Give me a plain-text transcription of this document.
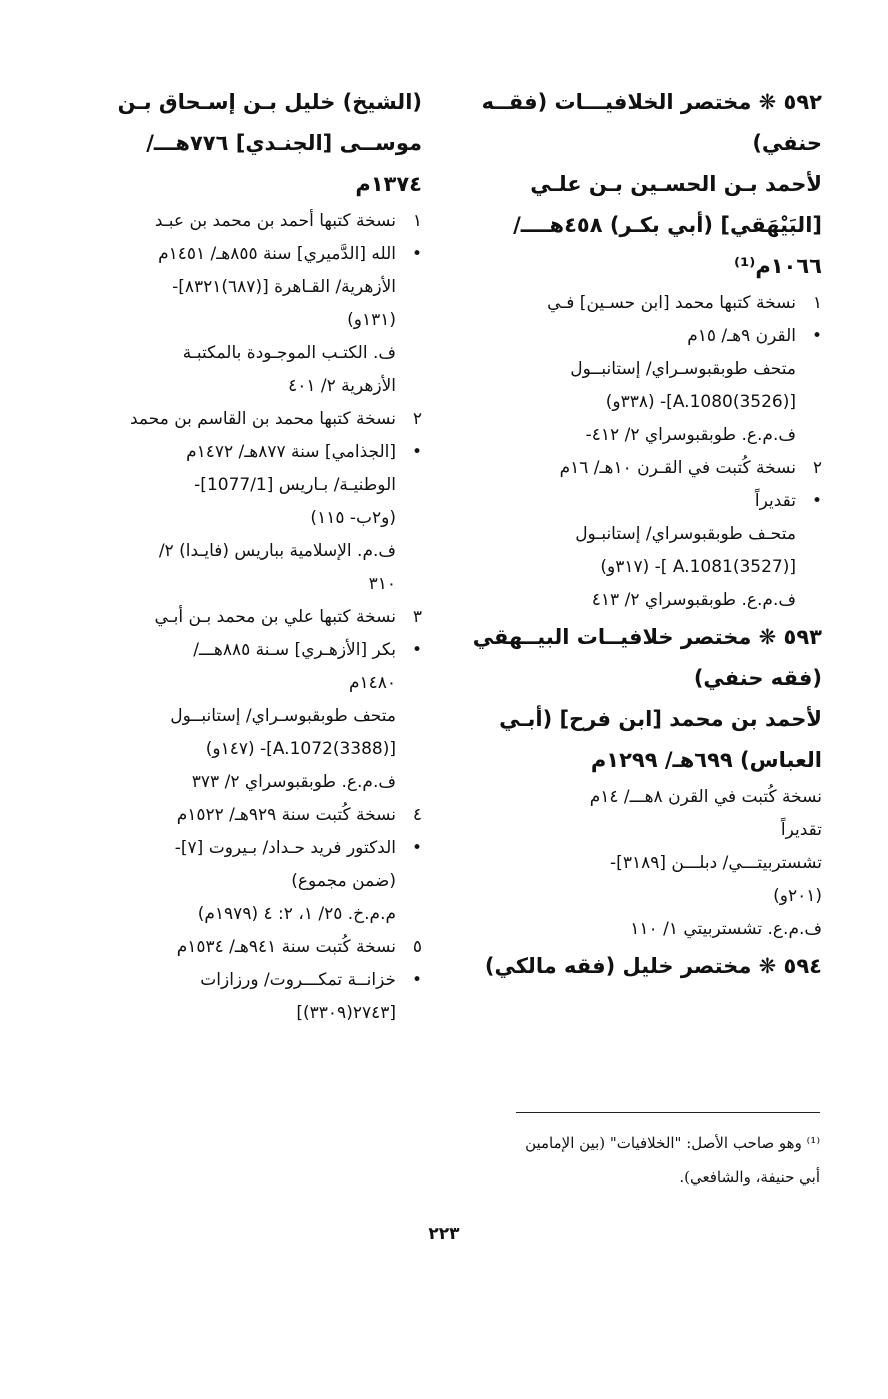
٥٩٢ ❋ مختصر الخلافيـــات (فقــه
حنفي)
لأحمد بـن الحسـين بـن علـي
[البَيْهَقي] (أبي بكـر) ٤٥٨هــــ/
١٠٦٦م⁽¹⁾
١ •
نسخة كتبها محمد [ابن حسـين] فـي
القرن ٩هـ/ ١٥م
متحف طوبقبوسـراي/ إستانبــول
[(3526)A.1080]- (٣٣٨و)
ف.م.ع. طوبقبوسراي ٢/ ٤١٢-
٢ •
نسخة كُتبت في القـرن ١٠هـ/ ١٦م
تقديراً
متحـف طوبقبوسراي/ إستانبـول
[(3527)A.1081 ]- (٣١٧و)
ف.م.ع. طوبقبوسراي ٢/ ٤١٣
٥٩٣ ❋ مختصر خلافيــات البيــهقي
(فقه حنفي)
لأحمد بن محمد [ابن فرح] (أبـي
العباس) ٦٩٩هـ/ ١٢٩٩م
نسخة كُتبت في القرن ٨هـــ/ ١٤م
تقديراً
تشستربيتـــي/ دبلـــن [٣١٨٩]-
(٢٠١و)
ف.م.ع. تشستربيتي ١/ ١١٠
٥٩٤ ❋ مختصر خليل (فقه مالكي)
(الشيخ) خليل بـن إسـحاق بـن
موســى [الجنـدي] ٧٧٦هـــ/
١٣٧٤م
١ •
نسخة كتبها أحمد بن محمد بن عبـد
الله [الدَّميري] سنة ٨٥٥هـ/ ١٤٥١م
الأزهرية/ القـاهرة [(٦٨٧)٨٣٢١]-
(١٣١و)
ف. الكتـب الموجـودة بالمكتبـة
الأزهرية ٢/ ٤٠١
٢ •
نسخة كتبها محمد بن القاسم بن محمد
[الجذامي] سنة ٨٧٧هـ/ ١٤٧٢م
الوطنيـة/ بـاريس [1077/1]-
(و٢ب- ١١٥)
ف.م. الإسلامية بباريس (فايـدا) ٢/
٣١٠
٣ •
نسخة كتبها علي بن محمد بـن أبـي
بكر [الأزهـري] سـنة ٨٨٥هـــ/
١٤٨٠م
متحف طوبقبوسـراي/ إستانبــول
[(3388)A.1072]- (١٤٧و)
ف.م.ع. طوبقبوسراي ٢/ ٣٧٣
٤ •
نسخة كُتبت سنة ٩٢٩هـ/ ١٥٢٢م
الدكتور فريد حـداد/ بـيروت [٧]-
(ضمن مجموع)
م.م.خ. ٢٥/ ١، ٢: ٤ (١٩٧٩م)
٥ •
نسخة كُتبت سنة ٩٤١هـ/ ١٥٣٤م
خزانــة تمكـــروت/ ورزازات
[٢٧٤٣(٣٣٠٩)]
⁽¹⁾ وهو صاحب الأصل: "الخلافيات" (بين الإمامين
أبي حنيفة، والشافعي).
٢٢٣
